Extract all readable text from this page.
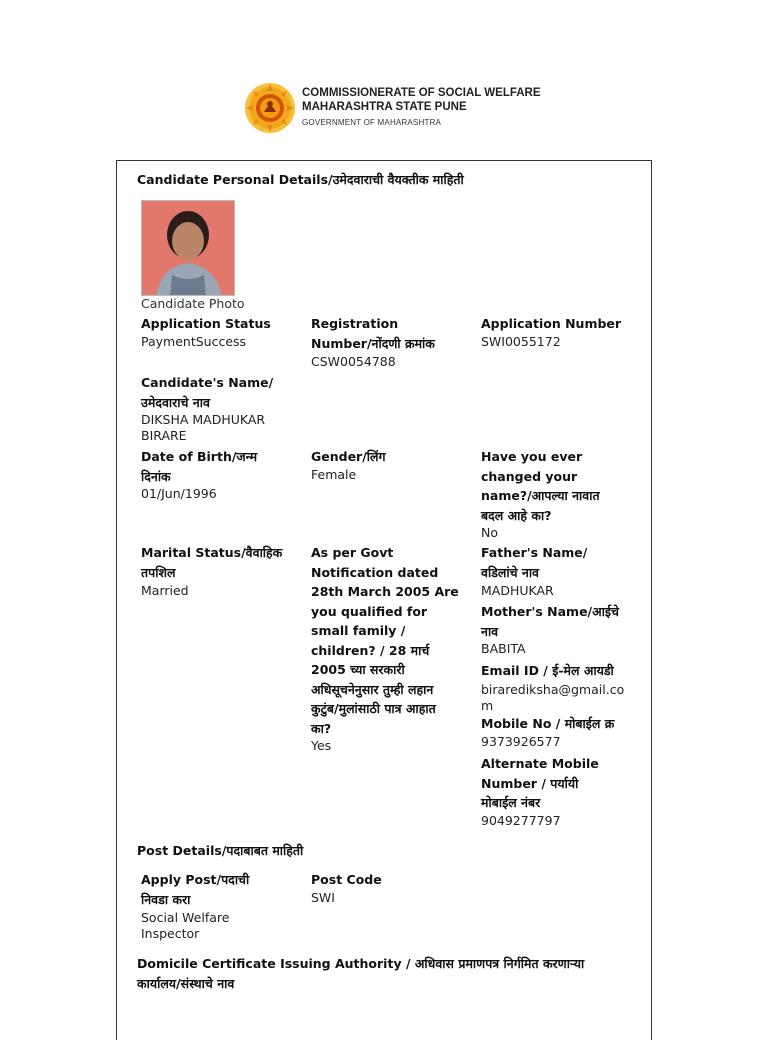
COMMISSIONERATE OF SOCIAL WELFARE
MAHARASHTRA STATE PUNE
GOVERNMENT OF MAHARASHTRA
Candidate Personal Details/उमेदवाराची वैयक्तीक माहिती
Candidate Photo
Application Status
PaymentSuccess
Registration
Number/नोंदणी क्रमांक
CSW0054788
Application Number
SWI0055172
Candidate's Name/
उमेदवाराचे नाव
DIKSHA MADHUKAR
BIRARE
Date of Birth/जन्म
दिनांक
01/Jun/1996
Gender/लिंग
Female
Have you ever
changed your
name?/आपल्या नावात
बदल आहे का?
No
Marital Status/वैवाहिक
तपशिल
Married
As per Govt
Notification dated
28th March 2005 Are
you qualified for
small family /
children? / 28 मार्च
2005 च्या सरकारी
अधिसूचनेनुसार तुम्ही लहान
कुटुंब/मुलांसाठी पात्र आहात
का?
Yes
Father's Name/
वडिलांचे नाव
MADHUKAR
Mother's Name/आईचे
नाव
BABITA
Email ID / ई-मेल आयडी
biraredikshа@gmail.co
m
Mobile No / मोबाईल क्र
9373926577
Alternate Mobile
Number / पर्यायी
मोबाईल नंबर
9049277797
Post Details/पदाबाबत माहिती
Apply Post/पदाची
निवडा करा
Social Welfare
Inspector
Post Code
SWI
Domicile Certificate Issuing Authority / अधिवास प्रमाणपत्र निर्गमित करणाऱ्या
कार्यालय/संस्थाचे नाव
